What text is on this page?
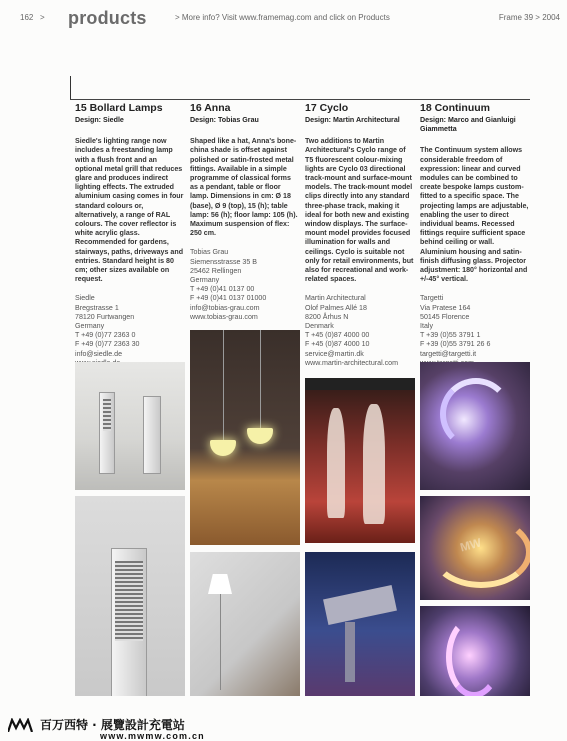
162 > products	> More info? Visit www.framemag.com and click on Products	Frame 39 > 2004
15 Bollard Lamps
Design: Siedle
Siedle's lighting range now includes a freestanding lamp with a flush front and an optional metal grill that reduces glare and produces indirect lighting effects. The extruded aluminium casing comes in four standard colours or, alternatively, a range of RAL colours. The cover reflector is white acrylic glass. Recommended for gardens, stairways, paths, driveways and entries. Standard height is 80 cm; other sizes available on request.
Siedle
Bregstrasse 1
78120 Furtwangen
Germany
T +49 (0)77 2363 0
F +49 (0)77 2363 30
info@siedle.de
16 Anna
Design: Tobias Grau
Shaped like a hat, Anna's bone-china shade is offset against polished or satin-frosted metal fittings. Available in a simple programme of classical forms as a pendant, table or floor lamp. Dimensions in cm: Ø 18 (base), Ø 9 (top), 15 (h); table lamp: 56 (h); floor lamp: 105 (h). Maximum suspension of flex: 250 cm.
Tobias Grau
Siemensstrasse 35 B
25462 Rellingen
Germany
T +49 (0)41 0137 00
F +49 (0)41 0137 01000
info@tobias-grau.com
www.tobias-grau.com
17 Cyclo
Design: Martin Architectural
Two additions to Martin Architectural's Cyclo range of T5 fluorescent colour-mixing lights are Cyclo 03 directional track-mount and surface-mount models. The track-mount model clips directly into any standard three-phase track, making it ideal for both new and existing window displays. The surface-mount model provides focused illumination for walls and ceilings. Cyclo is suitable not only for retail environments, but also for recreational and work-related spaces.
Martin Architectural
Olof Palmes Allé 18
8200 Århus N
Denmark
T +45 (0)87 4000 00
F +45 (0)87 4000 10
service@martin.dk
www.martin-architectural.com
18 Continuum
Design: Marco and Gianluigi Giammetta
The Continuum system allows considerable freedom of expression: linear and curved modules can be combined to create bespoke lamps custom-fitted to a specific space. The projecting lamps are adjustable, enabling the user to direct individual beams. Recessed fittings require sufficient space behind ceiling or wall. Aluminium housing and satin-finish diffusing glass. Projector adjustment: 180° horizontal and +/-45° vertical.
Targetti
Via Pratese 164
50145 Florence
Italy
T +39 (0)55 3791 1
F +39 (0)55 3791 26 6
targetti@targetti.it
MW
百万西特 · 展覽設計充電站
www.mwmw.com.cn
